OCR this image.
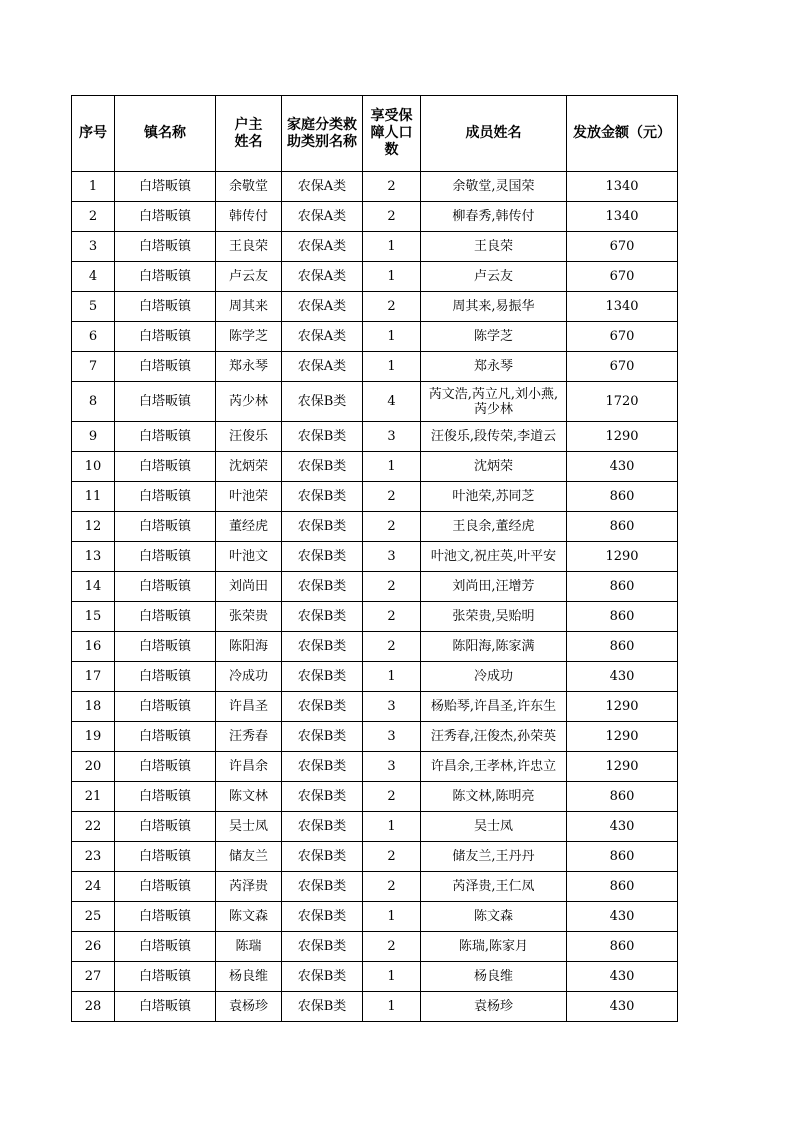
序号	镇名称	户主姓名	家庭分类救助类别名称	享受保障人口数	成员姓名	发放金额（元）

1	白塔畈镇	余敬堂	农保A类	2	余敬堂,灵国荣	1340

2	白塔畈镇	韩传付	农保A类	2	柳春秀,韩传付	1340

3	白塔畈镇	王良荣	农保A类	1	王良荣	670

4	白塔畈镇	卢云友	农保A类	1	卢云友	670

5	白塔畈镇	周其来	农保A类	2	周其来,易振华	1340

6	白塔畈镇	陈学芝	农保A类	1	陈学芝	670

7	白塔畈镇	郑永琴	农保A类	1	郑永琴	670

8	白塔畈镇	芮少林	农保B类	4	芮文浩,芮立凡,刘小燕,芮少林	1720

9	白塔畈镇	汪俊乐	农保B类	3	汪俊乐,段传荣,李道云	1290

10	白塔畈镇	沈炳荣	农保B类	1	沈炳荣	430

11	白塔畈镇	叶池荣	农保B类	2	叶池荣,苏同芝	860

12	白塔畈镇	董经虎	农保B类	2	王良余,董经虎	860

13	白塔畈镇	叶池文	农保B类	3	叶池文,祝庄英,叶平安	1290

14	白塔畈镇	刘尚田	农保B类	2	刘尚田,汪增芳	860

15	白塔畈镇	张荣贵	农保B类	2	张荣贵,吴贻明	860

16	白塔畈镇	陈阳海	农保B类	2	陈阳海,陈家满	860

17	白塔畈镇	冷成功	农保B类	1	冷成功	430

18	白塔畈镇	许昌圣	农保B类	3	杨贻琴,许昌圣,许东生	1290

19	白塔畈镇	汪秀春	农保B类	3	汪秀春,汪俊杰,孙荣英	1290

20	白塔畈镇	许昌余	农保B类	3	许昌余,王孝林,许忠立	1290

21	白塔畈镇	陈文林	农保B类	2	陈文林,陈明亮	860

22	白塔畈镇	吴士凤	农保B类	1	吴士凤	430

23	白塔畈镇	储友兰	农保B类	2	储友兰,王丹丹	860

24	白塔畈镇	芮泽贵	农保B类	2	芮泽贵,王仁凤	860

25	白塔畈镇	陈文森	农保B类	1	陈文森	430

26	白塔畈镇	陈瑞	农保B类	2	陈瑞,陈家月	860

27	白塔畈镇	杨良维	农保B类	1	杨良维	430

28	白塔畈镇	袁杨珍	农保B类	1	袁杨珍	430
